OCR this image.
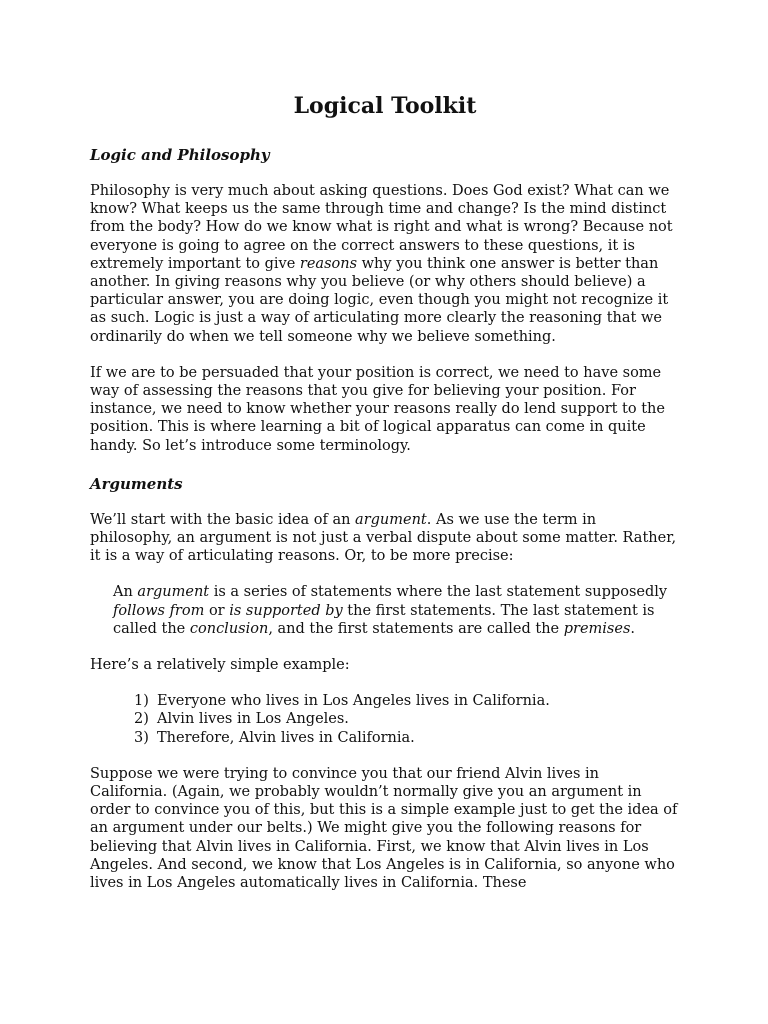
Logical Toolkit
Logic and Philosophy

Philosophy is very much about asking questions. Does God exist? What can we know? What keeps us the same through time and change? Is the mind distinct from the body? How do we know what is right and what is wrong? Because not everyone is going to agree on the correct answers to these questions, it is extremely important to give reasons why you think one answer is better than another. In giving reasons why you believe (or why others should believe) a particular answer, you are doing logic, even though you might not recognize it as such. Logic is just a way of articulating more clearly the reasoning that we ordinarily do when we tell someone why we believe something.

If we are to be persuaded that your position is correct, we need to have some way of assessing the reasons that you give for believing your position. For instance, we need to know whether your reasons really do lend support to the position. This is where learning a bit of logical apparatus can come in quite handy. So let’s introduce some terminology.

Arguments

We’ll start with the basic idea of an argument. As we use the term in philosophy, an argument is not just a verbal dispute about some matter. Rather, it is a way of articulating reasons. Or, to be more precise:

An argument is a series of statements where the last statement supposedly follows from or is supported by the first statements. The last statement is called the conclusion, and the first statements are called the premises.

Here’s a relatively simple example:

1) Everyone who lives in Los Angeles lives in California.
2) Alvin lives in Los Angeles.
3) Therefore, Alvin lives in California.

Suppose we were trying to convince you that our friend Alvin lives in California. (Again, we probably wouldn’t normally give you an argument in order to convince you of this, but this is a simple example just to get the idea of an argument under our belts.) We might give you the following reasons for believing that Alvin lives in California. First, we know that Alvin lives in Los Angeles. And second, we know that Los Angeles is in California, so anyone who lives in Los Angeles automatically lives in California. These
